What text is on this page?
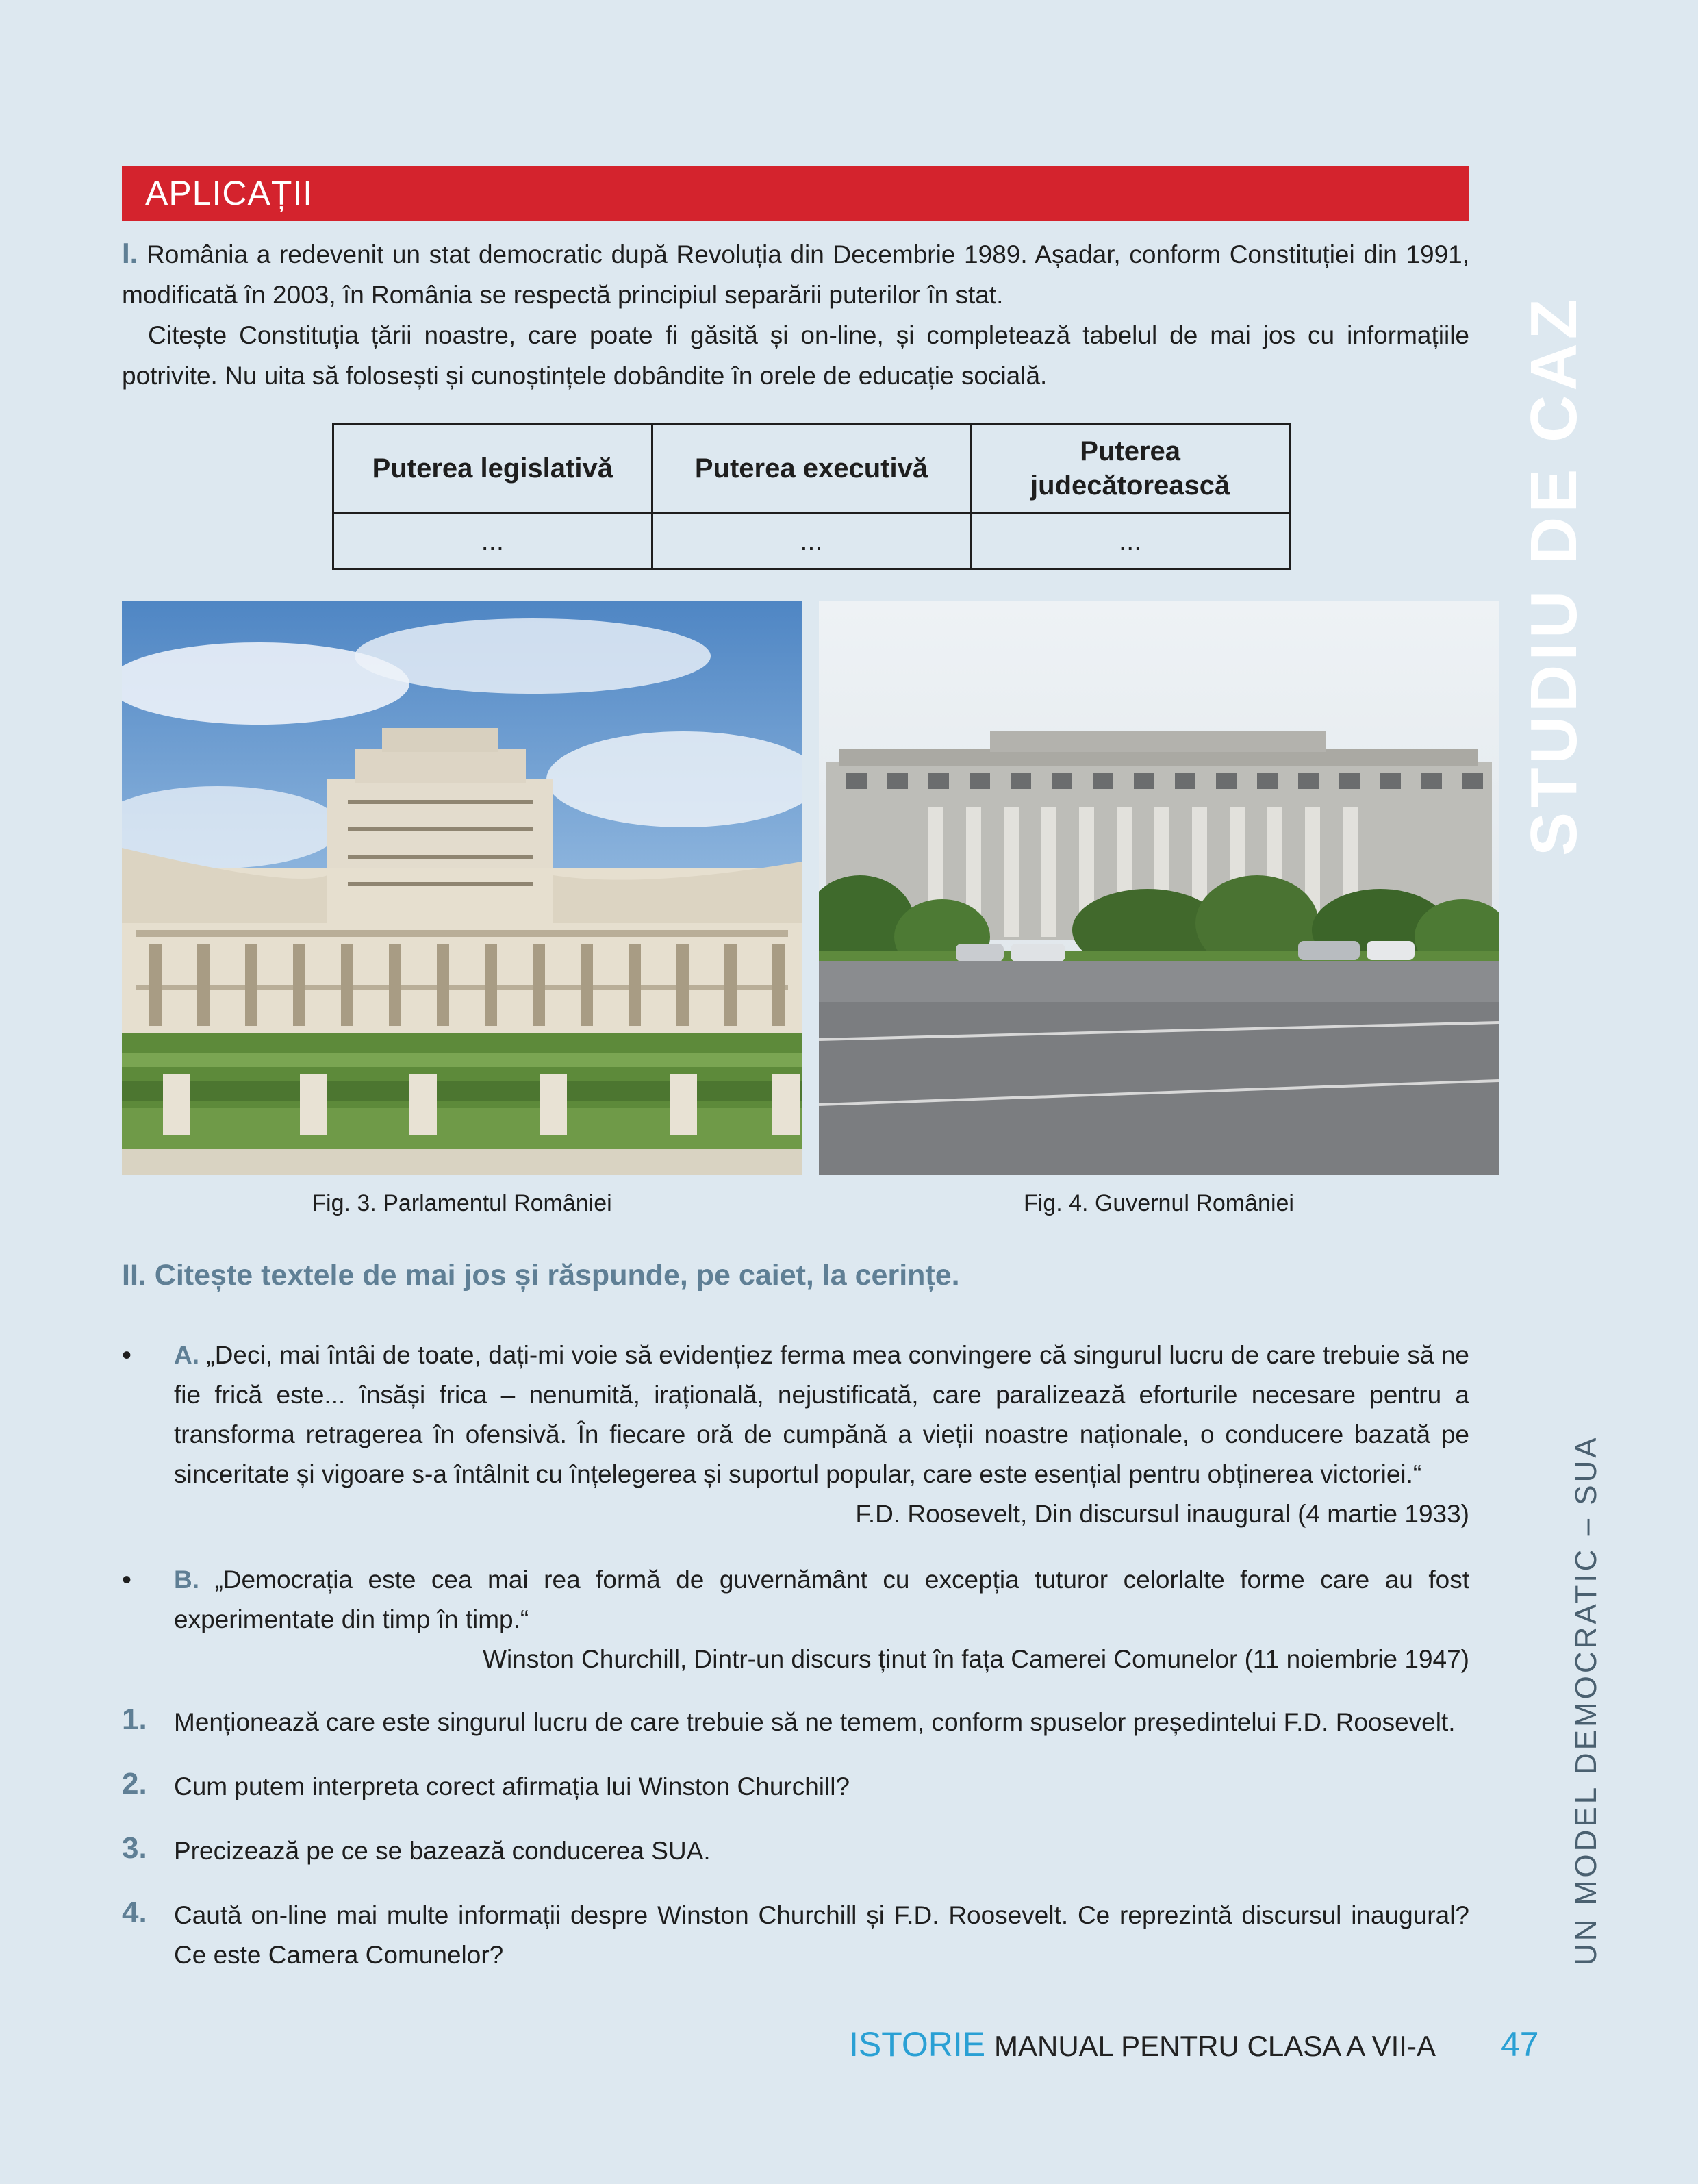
APLICAȚII
I. România a redevenit un stat democratic după Revoluția din Decembrie 1989. Așadar, conform Constituției din 1991, modificată în 2003, în România se respectă principiul separării puterilor în stat.
Citește Constituția țării noastre, care poate fi găsită și on-line, și completează tabelul de mai jos cu informațiile potrivite. Nu uita să folosești și cunoștințele dobândite în orele de educație socială.
Puterea legislativă	Puterea executivă	Puterea judecătorească
...	...	...
Fig. 3. Parlamentul României	Fig. 4. Guvernul României
II. Citește textele de mai jos și răspunde, pe caiet, la cerințe.
• A. „Deci, mai întâi de toate, dați-mi voie să evidențiez ferma mea convingere că singurul lucru de care trebuie să ne fie frică este... însăși frica – nenumită, irațională, nejustificată, care paralizează eforturile necesare pentru a transforma retragerea în ofensivă. În fiecare oră de cumpănă a vieții noastre naționale, o conducere bazată pe sinceritate și vigoare s-a întâlnit cu înțelegerea și suportul popular, care este esențial pentru obținerea victoriei.“
F.D. Roosevelt, Din discursul inaugural (4 martie 1933)
• B. „Democrația este cea mai rea formă de guvernământ cu excepția tuturor celorlalte forme care au fost experimentate din timp în timp.“
Winston Churchill, Dintr-un discurs ținut în fața Camerei Comunelor (11 noiembrie 1947)
1. Menționează care este singurul lucru de care trebuie să ne temem, conform spuselor președintelui F.D. Roosevelt.
2. Cum putem interpreta corect afirmația lui Winston Churchill?
3. Precizează pe ce se bazează conducerea SUA.
4. Caută on-line mai multe informații despre Winston Churchill și F.D. Roosevelt. Ce reprezintă discursul inaugural? Ce este Camera Comunelor?
STUDIU DE CAZ
UN MODEL DEMOCRATIC – SUA
ISTORIE MANUAL PENTRU CLASA A VII-A 47
